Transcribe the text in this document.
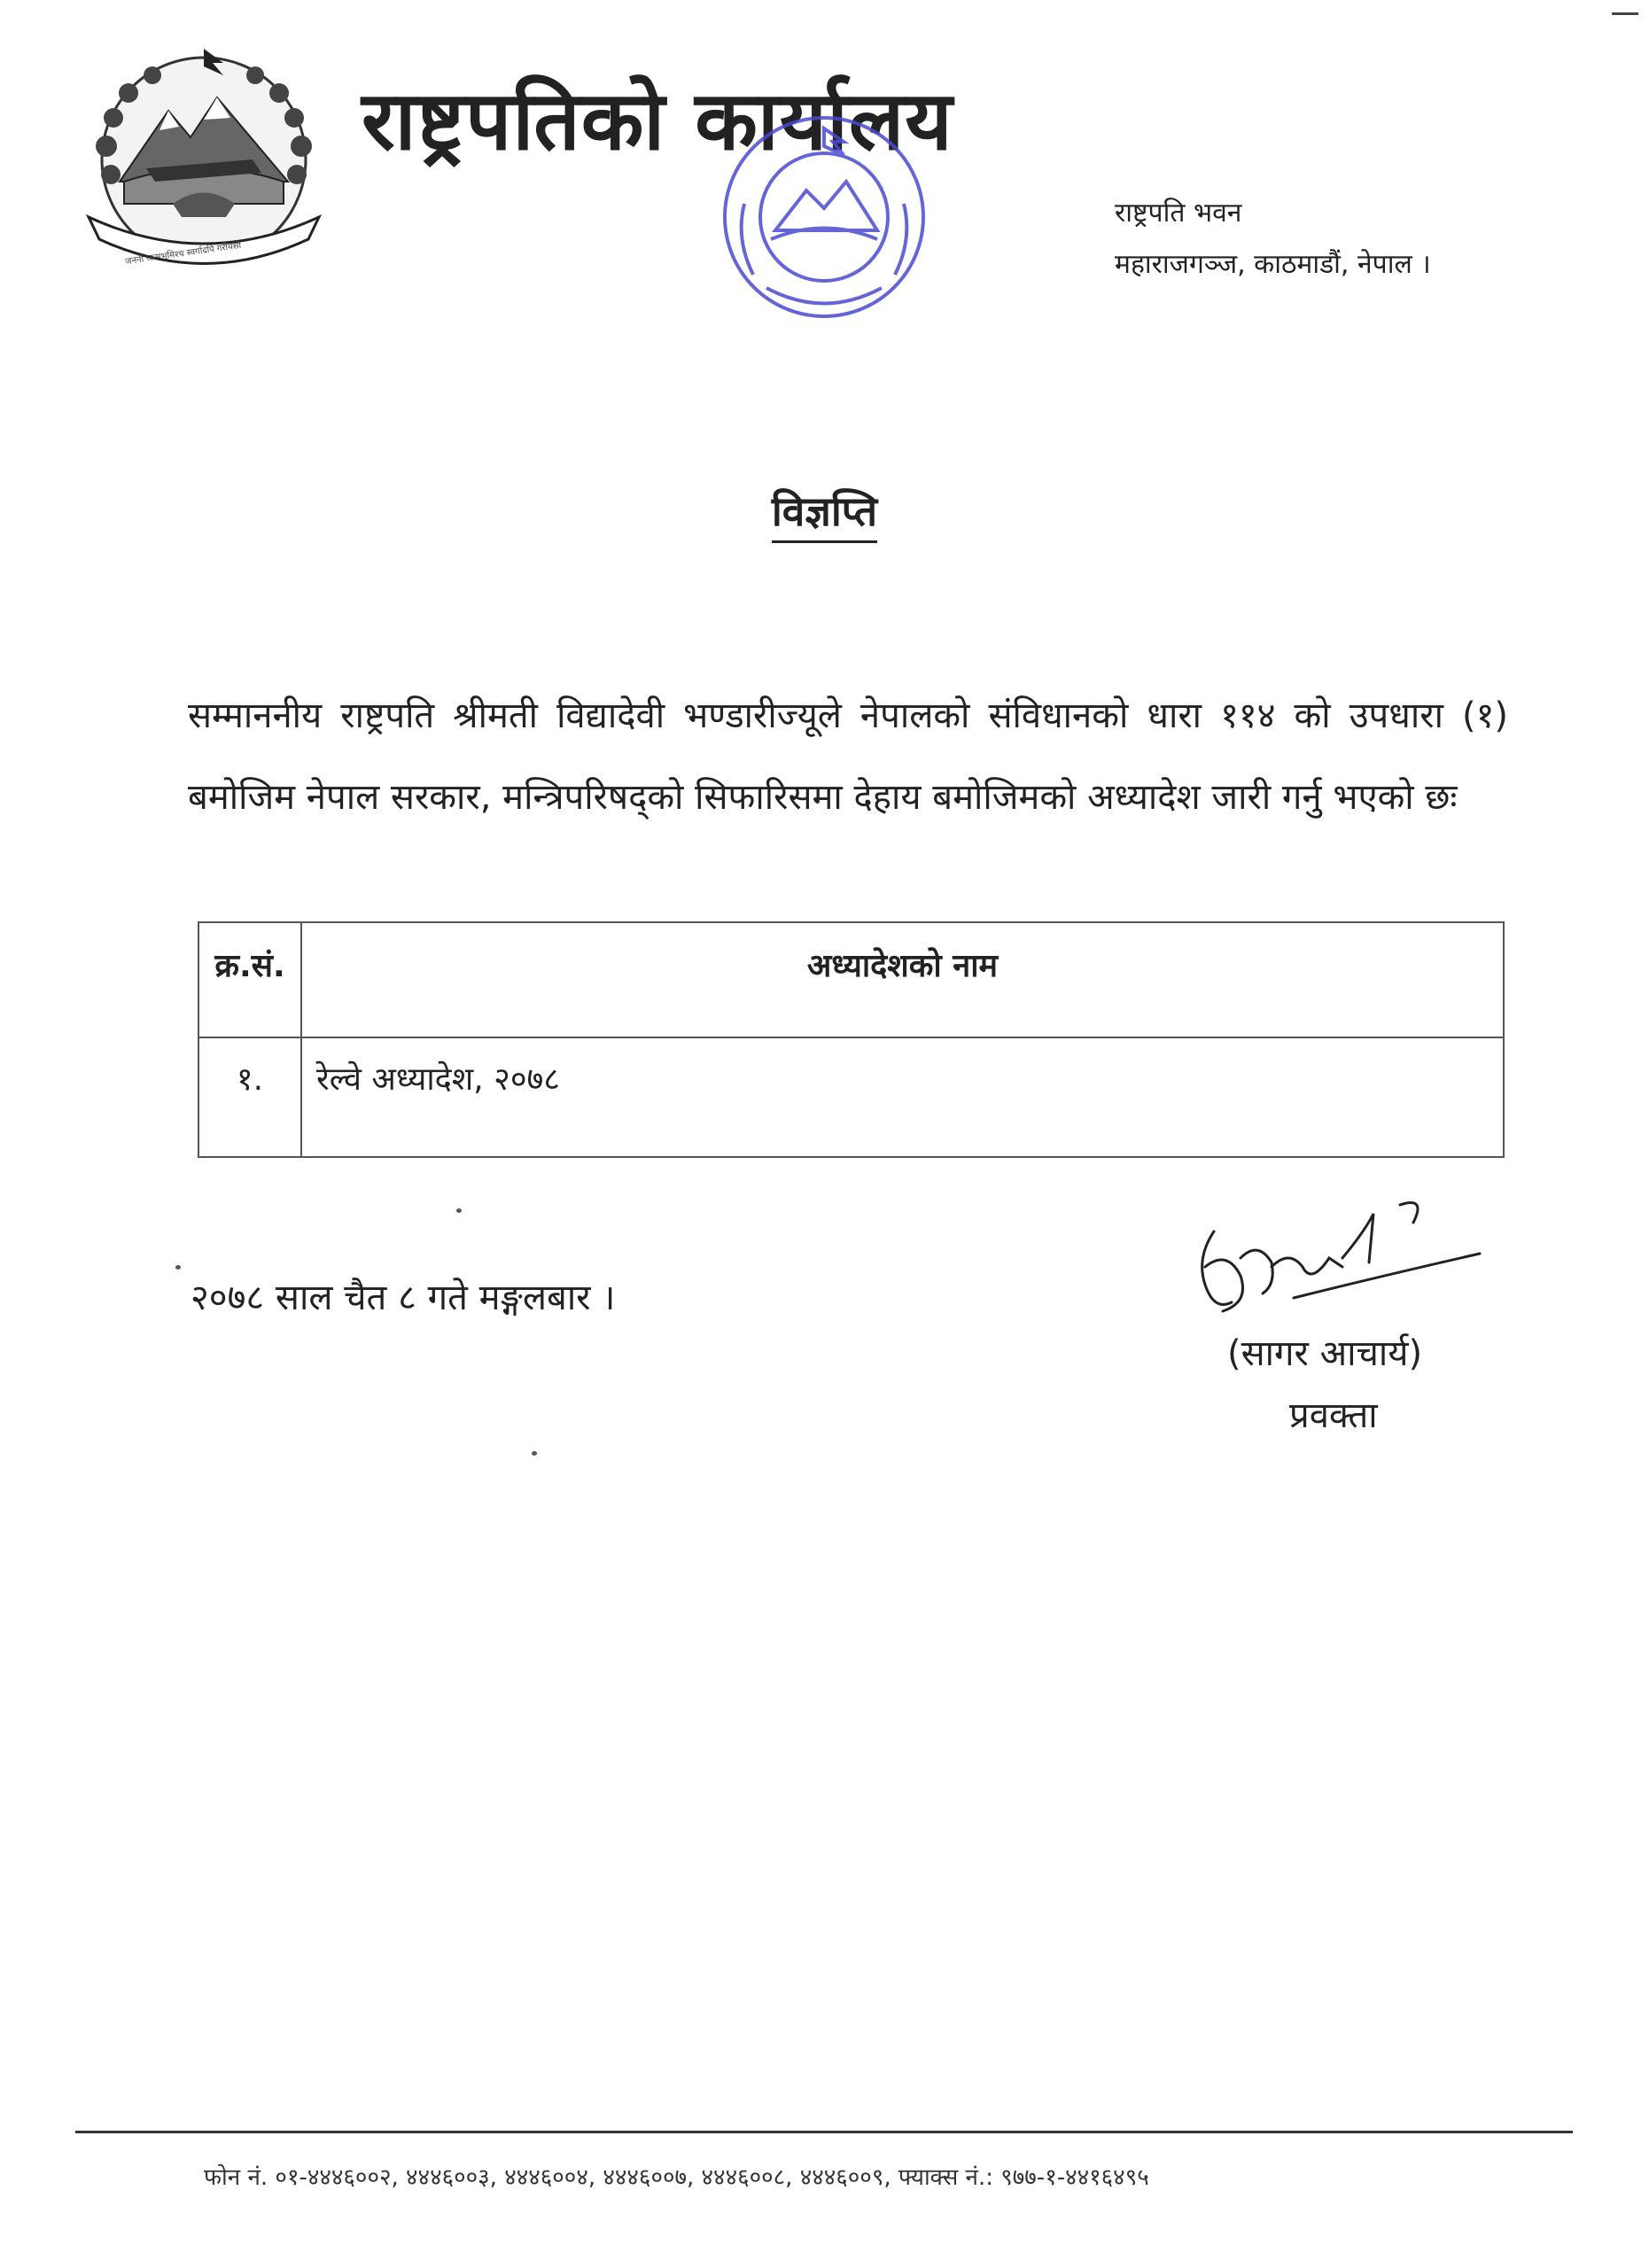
जननी जन्मभूमिश्च स्वर्गादपि गरीयसी
राष्ट्रपतिको कार्यालय
राष्ट्रपति भवन
महाराजगञ्ज, काठमाडौं, नेपाल ।
विज्ञप्ति
सम्माननीय राष्ट्रपति श्रीमती विद्यादेवी भण्डारीज्यूले नेपालको संविधानको धारा ११४ को उपधारा (१) बमोजिम नेपाल सरकार, मन्त्रिपरिषद्‌को सिफारिसमा देहाय बमोजिमको अध्यादेश जारी गर्नु भएको छः
क्र.सं.	अध्यादेशको नाम
१.	रेल्वे अध्यादेश, २०७८
२०७८ साल चैत ८ गते मङ्गलबार ।
(सागर आचार्य)
प्रवक्ता
फोन नं. ०१-४४४६००२, ४४४६००३, ४४४६००४, ४४४६००७, ४४४६००८, ४४४६००९, फ्याक्स नं.: ९७७-१-४४१६४९५
